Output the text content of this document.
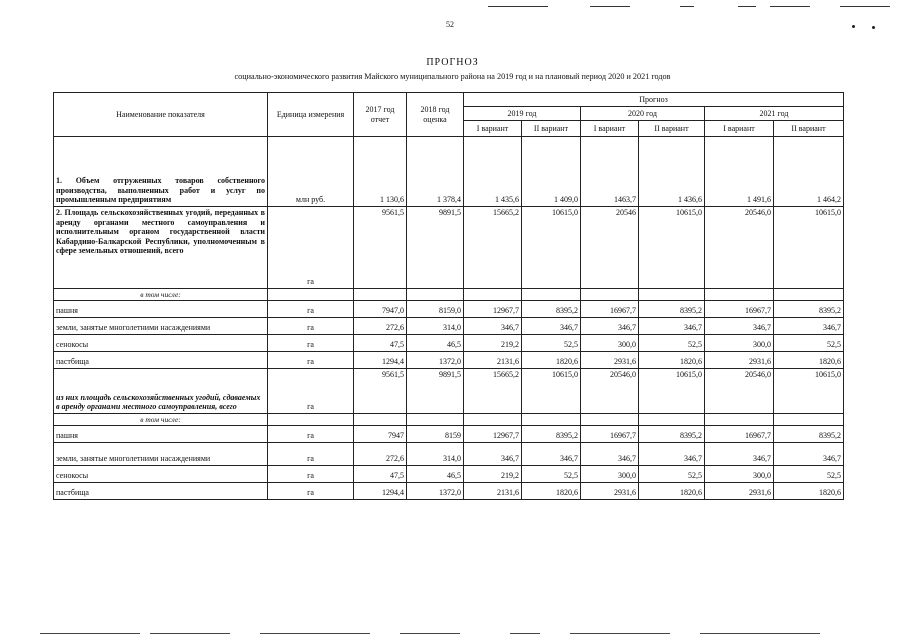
52
ПРОГНОЗ
социально-экономического развития Майского муниципального района на 2019 год и на плановый период 2020 и 2021 годов
Наименование показателя	Единица измерения	2017 год отчет	2018 год оценка	Прогноз					
				2019 год		2020 год		2021 год	
				I вариант	II вариант	I вариант	II вариант	I вариант	II вариант
1. Объем отгруженных товаров собственного производства, выполненных работ и услуг по промышленным предприятиям	млн руб.	1 130,6	1 378,4	1 435,6	1 409,0	1463,7	1 436,6	1 491,6	1 464,2
2. Площадь сельскохозяйственных угодий, переданных в аренду органами местного самоуправления и исполнительным органом государственной власти Кабардино-Балкарской Республики, уполномоченным в сфере земельных отношений, всего	га	9561,5	9891,5	15665,2	10615,0	20546	10615,0	20546,0	10615,0
в том числе:									
пашня	га	7947,0	8159,0	12967,7	8395,2	16967,7	8395,2	16967,7	8395,2
земли, занятые многолетними насаждениями	га	272,6	314,0	346,7	346,7	346,7	346,7	346,7	346,7
сенокосы	га	47,5	46,5	219,2	52,5	300,0	52,5	300,0	52,5
пастбища	га	1294,4	1372,0	2131,6	1820,6	2931,6	1820,6	2931,6	1820,6
из них площадь сельскохозяйственных угодий, сдаваемых в аренду органами местного самоуправления, всего	га	9561,5	9891,5	15665,2	10615,0	20546,0	10615,0	20546,0	10615,0
в том числе:									
пашня	га	7947	8159	12967,7	8395,2	16967,7	8395,2	16967,7	8395,2
земли, занятые многолетними насаждениями	га	272,6	314,0	346,7	346,7	346,7	346,7	346,7	346,7
сенокосы	га	47,5	46,5	219,2	52,5	300,0	52,5	300,0	52,5
пастбища	га	1294,4	1372,0	2131,6	1820,6	2931,6	1820,6	2931,6	1820,6
